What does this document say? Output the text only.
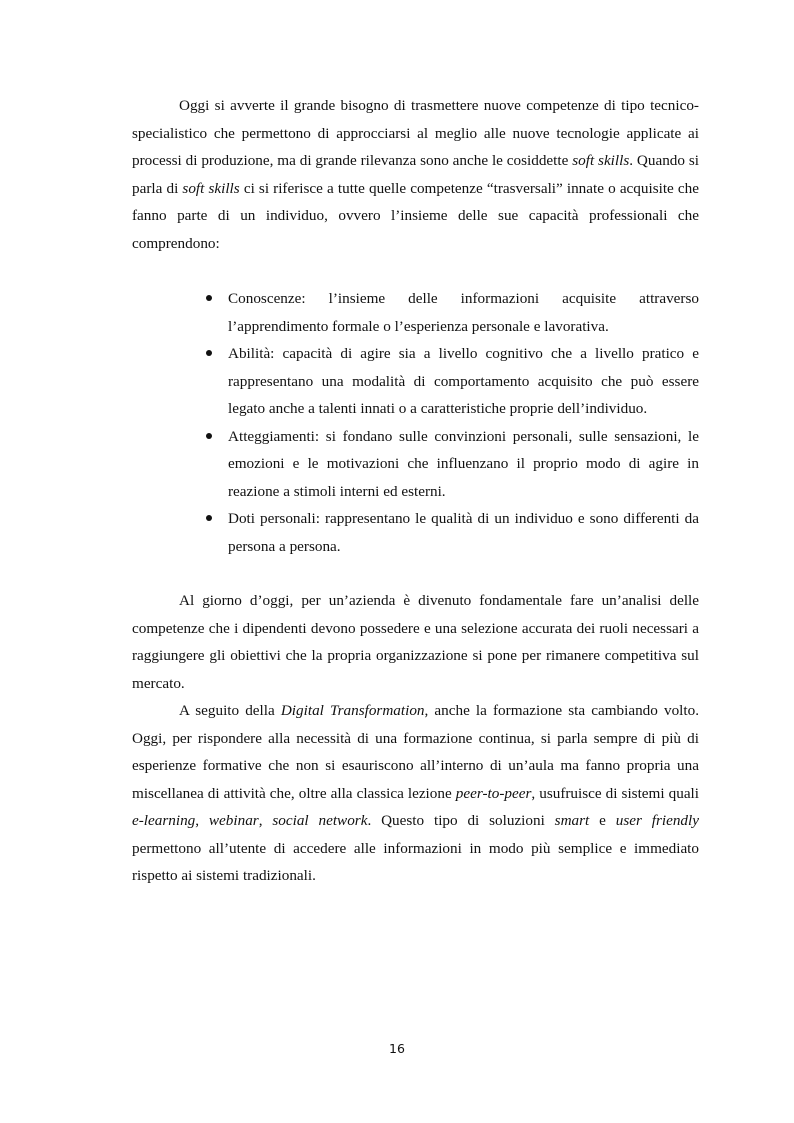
Oggi si avverte il grande bisogno di trasmettere nuove competenze di tipo tecnico-specialistico che permettono di approcciarsi al meglio alle nuove tecnologie applicate ai processi di produzione, ma di grande rilevanza sono anche le cosiddette soft skills. Quando si parla di soft skills ci si riferisce a tutte quelle competenze “trasversali” innate o acquisite che fanno parte di un individuo, ovvero l’insieme delle sue capacità professionali che comprendono:

Conoscenze: l’insieme delle informazioni acquisite attraverso l’apprendimento formale o l’esperienza personale e lavorativa.
Abilità: capacità di agire sia a livello cognitivo che a livello pratico e rappresentano una modalità di comportamento acquisito che può essere legato anche a talenti innati o a caratteristiche proprie dell’individuo.
Atteggiamenti: si fondano sulle convinzioni personali, sulle sensazioni, le emozioni e le motivazioni che influenzano il proprio modo di agire in reazione a stimoli interni ed esterni.
Doti personali: rappresentano le qualità di un individuo e sono differenti da persona a persona.

Al giorno d’oggi, per un’azienda è divenuto fondamentale fare un’analisi delle competenze che i dipendenti devono possedere e una selezione accurata dei ruoli necessari a raggiungere gli obiettivi che la propria organizzazione si pone per rimanere competitiva sul mercato.

A seguito della Digital Transformation, anche la formazione sta cambiando volto. Oggi, per rispondere alla necessità di una formazione continua, si parla sempre di più di esperienze formative che non si esauriscono all’interno di un’aula ma fanno propria una miscellanea di attività che, oltre alla classica lezione peer-to-peer, usufruisce di sistemi quali e-learning, webinar, social network. Questo tipo di soluzioni smart e user friendly permettono all’utente di accedere alle informazioni in modo più semplice e immediato rispetto ai sistemi tradizionali.

16
